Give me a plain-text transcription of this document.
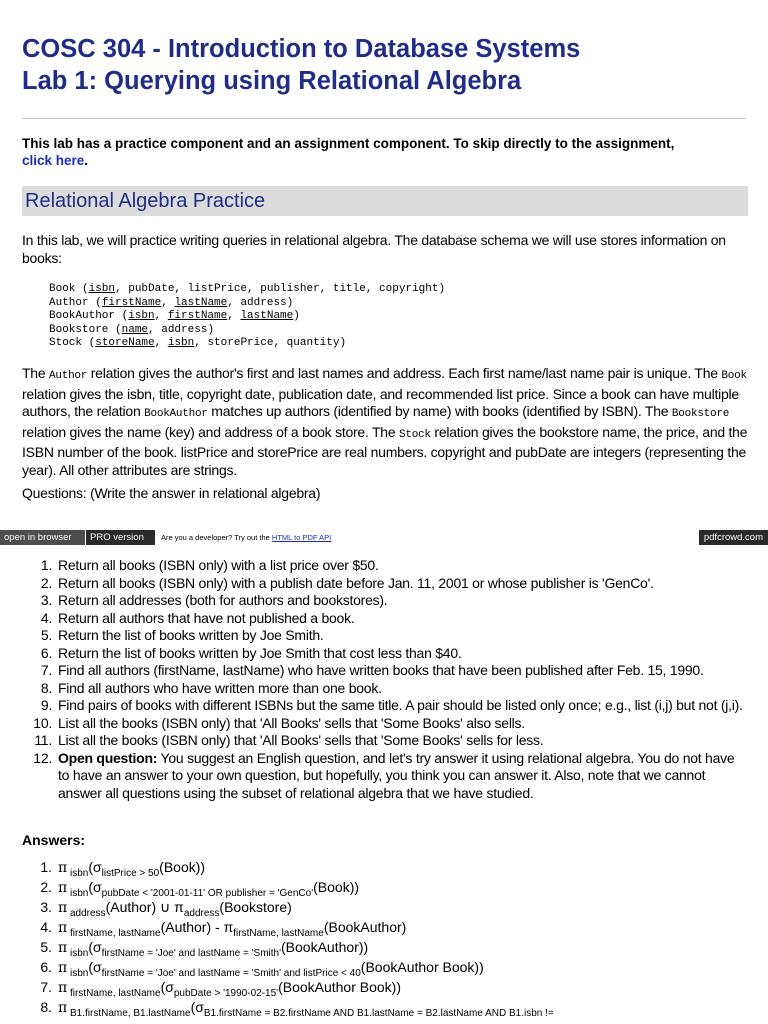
COSC 304 - Introduction to Database Systems
Lab 1: Querying using Relational Algebra
This lab has a practice component and an assignment component. To skip directly to the assignment,
click here.
Relational Algebra Practice
In this lab, we will practice writing queries in relational algebra. The database schema we will use stores information on books:
Book (isbn, pubDate, listPrice, publisher, title, copyright)
Author (firstName, lastName, address)
BookAuthor (isbn, firstName, lastName)
Bookstore (name, address)
Stock (storeName, isbn, storePrice, quantity)
The Author relation gives the author's first and last names and address. Each first name/last name pair is unique. The Book relation gives the isbn, title, copyright date, publication date, and recommended list price. Since a book can have multiple authors, the relation BookAuthor matches up authors (identified by name) with books (identified by ISBN). The Bookstore relation gives the name (key) and address of a book store. The Stock relation gives the bookstore name, the price, and the ISBN number of the book. listPrice and storePrice are real numbers. copyright and pubDate are integers (representing the year). All other attributes are strings.
Questions: (Write the answer in relational algebra)
open in browser	PRO version	Are you a developer? Try out the HTML to PDF API	pdfcrowd.com
1. Return all books (ISBN only) with a list price over $50.
2. Return all books (ISBN only) with a publish date before Jan. 11, 2001 or whose publisher is 'GenCo'.
3. Return all addresses (both for authors and bookstores).
4. Return all authors that have not published a book.
5. Return the list of books written by Joe Smith.
6. Return the list of books written by Joe Smith that cost less than $40.
7. Find all authors (firstName, lastName) who have written books that have been published after Feb. 15, 1990.
8. Find all authors who have written more than one book.
9. Find pairs of books with different ISBNs but the same title. A pair should be listed only once; e.g., list (i,j) but not (j,i).
10. List all the books (ISBN only) that 'All Books' sells that 'Some Books' also sells.
11. List all the books (ISBN only) that 'All Books' sells that 'Some Books' sells for less.
12. Open question: You suggest an English question, and let's try answer it using relational algebra. You do not have to have an answer to your own question, but hopefully, you think you can answer it. Also, note that we cannot answer all questions using the subset of relational algebra that we have studied.
Answers:
1. π $_{isbn}(\sigma_{listPrice > 50}(Book))$
2. π $_{isbn}(\sigma_{pubDate < '2001-01-11' OR publisher = 'GenCo'}(Book))$
3. π $_{address}$(Author) ∪ $\pi_{address}(Bookstore)$
4. π $_{firstName, lastName}$(Author) - $\pi_{firstName, lastName}(BookAuthor)$
5. π $_{isbn}(\sigma_{firstName = 'Joe' and lastName = 'Smith'}(BookAuthor))$
6. π $_{isbn}(\sigma_{firstName = 'Joe' and lastName = 'Smith' and listPrice < 40}(BookAuthor$ Book))
7. π $_{firstName, lastName}(\sigma_{pubDate > '1990-02-15'}(BookAuthor$ Book))
8. π $_{B1.firstName, B1.lastName}(\sigma_{B1.firstName = B2.firstName AND B1.lastName = B2.lastName AND B1.isbn !=}$
